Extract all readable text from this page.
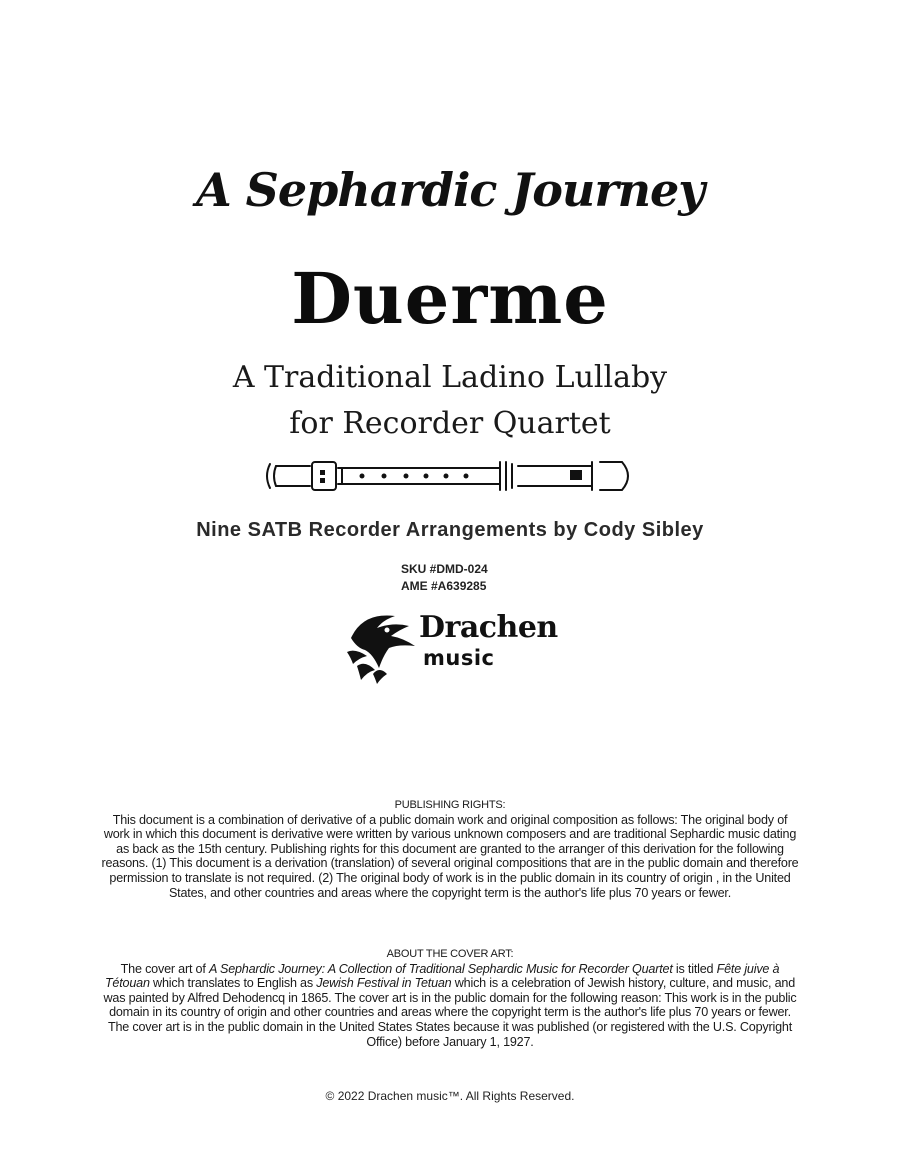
A Sephardic Journey
Duerme
A Traditional Ladino Lullaby
for Recorder Quartet
Nine SATB Recorder Arrangements by Cody Sibley
SKU #DMD-024
AME #A639285
Drachen
music
PUBLISHING RIGHTS:

This document is a combination of derivative of a public domain work and original composition as follows: The original body of work in which this document is derivative were written by various unknown composers and are traditional Sephardic music dating as back as the 15th century. Publishing rights for this document are granted to the arranger of this derivation for the following reasons. (1) This document is a derivation (translation) of several original compositions that are in the public domain and therefore permission to translate is not required. (2) The original body of work is in the public domain in its country of origin , in the United States, and other countries and areas where the copyright term is the author's life plus 70 years or fewer.

ABOUT THE COVER ART:

The cover art of A Sephardic Journey: A Collection of Traditional Sephardic Music for Recorder Quartet is titled Fête juive à Tétouan which translates to English as Jewish Festival in Tetuan which is a celebration of Jewish history, culture, and music, and was painted by Alfred Dehodencq in 1865. The cover art is in the public domain for the following reason: This work is in the public domain in its country of origin and other countries and areas where the copyright term is the author's life plus 70 years or fewer. The cover art is in the public domain in the United States States because it was published (or registered with the U.S. Copyright Office) before January 1, 1927.

© 2022 Drachen music™. All Rights Reserved.
